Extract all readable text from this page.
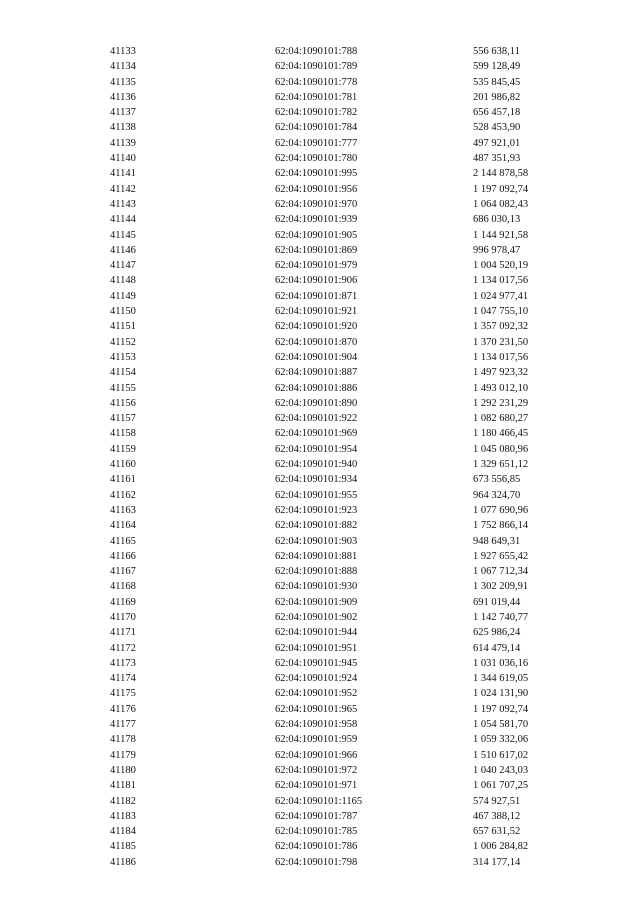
41133	62:04:1090101:788	556 638,11
41134	62:04:1090101:789	599 128,49
41135	62:04:1090101:778	535 845,45
41136	62:04:1090101:781	201 986,82
41137	62:04:1090101:782	656 457,18
41138	62:04:1090101:784	528 453,90
41139	62:04:1090101:777	497 921,01
41140	62:04:1090101:780	487 351,93
41141	62:04:1090101:995	2 144 878,58
41142	62:04:1090101:956	1 197 092,74
41143	62:04:1090101:970	1 064 082,43
41144	62:04:1090101:939	686 030,13
41145	62:04:1090101:905	1 144 921,58
41146	62:04:1090101:869	996 978,47
41147	62:04:1090101:979	1 004 520,19
41148	62:04:1090101:906	1 134 017,56
41149	62:04:1090101:871	1 024 977,41
41150	62:04:1090101:921	1 047 755,10
41151	62:04:1090101:920	1 357 092,32
41152	62:04:1090101:870	1 370 231,50
41153	62:04:1090101:904	1 134 017,56
41154	62:04:1090101:887	1 497 923,32
41155	62:04:1090101:886	1 493 012,10
41156	62:04:1090101:890	1 292 231,29
41157	62:04:1090101:922	1 082 680,27
41158	62:04:1090101:969	1 180 466,45
41159	62:04:1090101:954	1 045 080,96
41160	62:04:1090101:940	1 329 651,12
41161	62:04:1090101:934	673 556,85
41162	62:04:1090101:955	964 324,70
41163	62:04:1090101:923	1 077 690,96
41164	62:04:1090101:882	1 752 866,14
41165	62:04:1090101:903	948 649,31
41166	62:04:1090101:881	1 927 655,42
41167	62:04:1090101:888	1 067 712,34
41168	62:04:1090101:930	1 302 209,91
41169	62:04:1090101:909	691 019,44
41170	62:04:1090101:902	1 142 740,77
41171	62:04:1090101:944	625 986,24
41172	62:04:1090101:951	614 479,14
41173	62:04:1090101:945	1 031 036,16
41174	62:04:1090101:924	1 344 619,05
41175	62:04:1090101:952	1 024 131,90
41176	62:04:1090101:965	1 197 092,74
41177	62:04:1090101:958	1 054 581,70
41178	62:04:1090101:959	1 059 332,06
41179	62:04:1090101:966	1 510 617,02
41180	62:04:1090101:972	1 040 243,03
41181	62:04:1090101:971	1 061 707,25
41182	62:04:1090101:1165	574 927,51
41183	62:04:1090101:787	467 388,12
41184	62:04:1090101:785	657 631,52
41185	62:04:1090101:786	1 006 284,82
41186	62:04:1090101:798	314 177,14
